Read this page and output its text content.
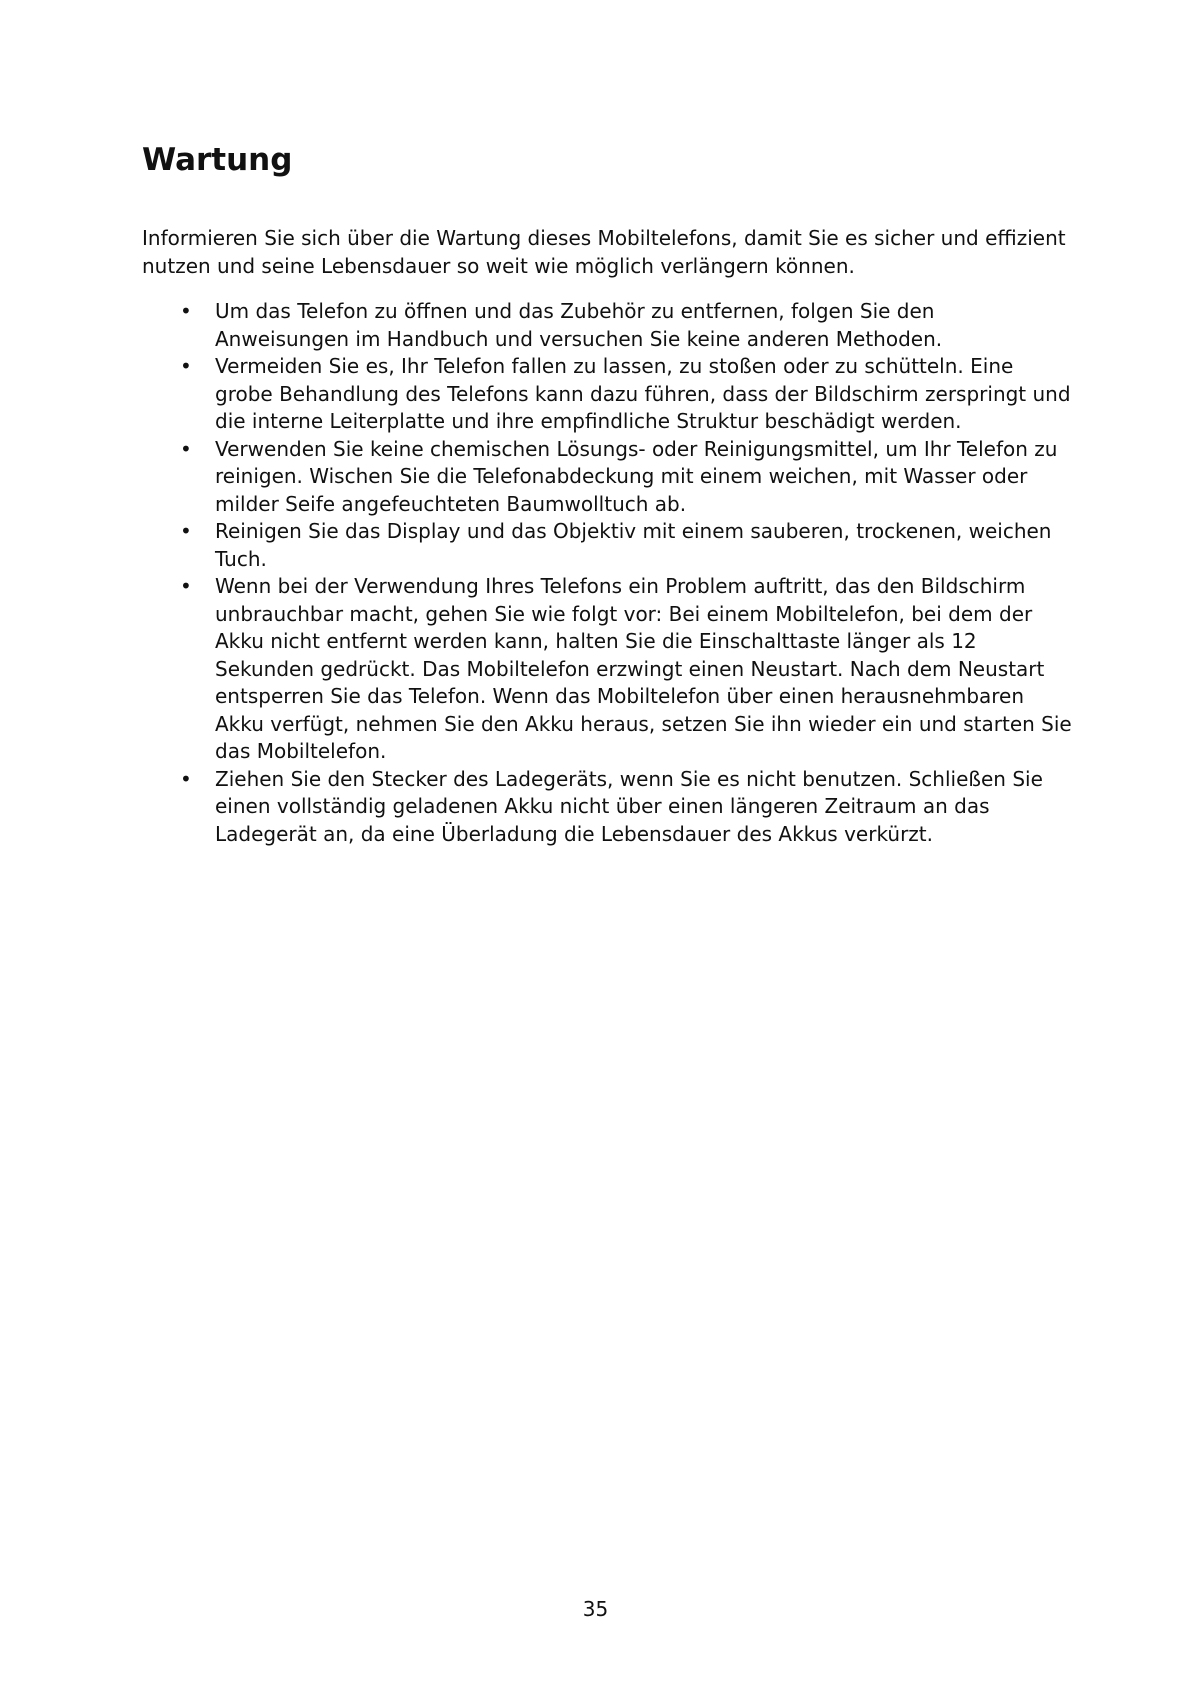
Wartung

Informieren Sie sich über die Wartung dieses Mobiltelefons, damit Sie es sicher und effizient nutzen und seine Lebensdauer so weit wie möglich verlängern können.

• Um das Telefon zu öffnen und das Zubehör zu entfernen, folgen Sie den Anweisungen im Handbuch und versuchen Sie keine anderen Methoden.
• Vermeiden Sie es, Ihr Telefon fallen zu lassen, zu stoßen oder zu schütteln. Eine grobe Behandlung des Telefons kann dazu führen, dass der Bildschirm zerspringt und die interne Leiterplatte und ihre empfindliche Struktur beschädigt werden.
• Verwenden Sie keine chemischen Lösungs- oder Reinigungsmittel, um Ihr Telefon zu reinigen. Wischen Sie die Telefonabdeckung mit einem weichen, mit Wasser oder milder Seife angefeuchteten Baumwolltuch ab.
• Reinigen Sie das Display und das Objektiv mit einem sauberen, trockenen, weichen Tuch.
• Wenn bei der Verwendung Ihres Telefons ein Problem auftritt, das den Bildschirm unbrauchbar macht, gehen Sie wie folgt vor: Bei einem Mobiltelefon, bei dem der Akku nicht entfernt werden kann, halten Sie die Einschalttaste länger als 12 Sekunden gedrückt. Das Mobiltelefon erzwingt einen Neustart. Nach dem Neustart entsperren Sie das Telefon. Wenn das Mobiltelefon über einen herausnehmbaren Akku verfügt, nehmen Sie den Akku heraus, setzen Sie ihn wieder ein und starten Sie das Mobiltelefon.
• Ziehen Sie den Stecker des Ladegeräts, wenn Sie es nicht benutzen. Schließen Sie einen vollständig geladenen Akku nicht über einen längeren Zeitraum an das Ladegerät an, da eine Überladung die Lebensdauer des Akkus verkürzt.
35
